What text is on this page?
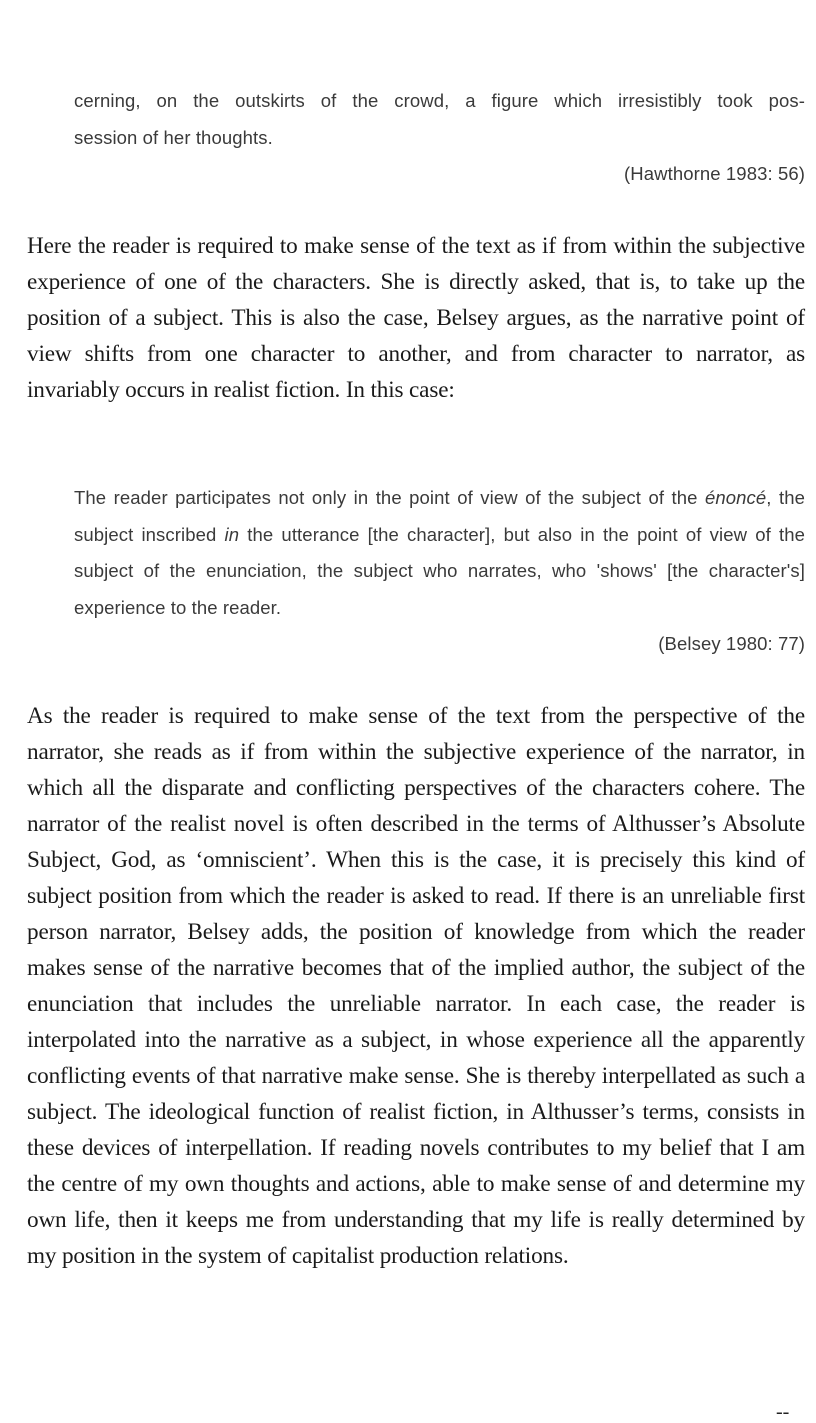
cerning, on the outskirts of the crowd, a figure which irresistibly took pos-

session of her thoughts.

(Hawthorne 1983: 56)

Here the reader is required to make sense of the text as if from within the subjective experience of one of the characters. She is directly asked, that is, to take up the position of a subject. This is also the case, Belsey argues, as the narrative point of view shifts from one character to another, and from character to narrator, as invariably occurs in realist fiction. In this case:

The reader participates not only in the point of view of the subject of the énoncé, the subject inscribed in the utterance [the character], but also in the point of view of the subject of the enunciation, the subject who narrates, who 'shows' [the character's] experience to the reader.

(Belsey 1980: 77)

As the reader is required to make sense of the text from the perspective of the narrator, she reads as if from within the subjective experience of the narrator, in which all the disparate and conflicting perspectives of the characters cohere. The narrator of the realist novel is often described in the terms of Althusser’s Absolute Subject, God, as ‘omniscient’. When this is the case, it is precisely this kind of subject position from which the reader is asked to read. If there is an unreliable first person narrator, Belsey adds, the position of knowledge from which the reader makes sense of the narrative becomes that of the implied author, the subject of the enunciation that includes the unreliable narrator. In each case, the reader is interpolated into the narrative as a subject, in whose experience all the apparently conflicting events of that narrative make sense. She is thereby interpellated as such a subject. The ideological function of realist fiction, in Althusser’s terms, consists in these devices of interpellation. If reading novels contributes to my belief that I am the centre of my own thoughts and actions, able to make sense of and determine my own life, then it keeps me from understanding that my life is really determined by my position in the system of capitalist production relations.

--
